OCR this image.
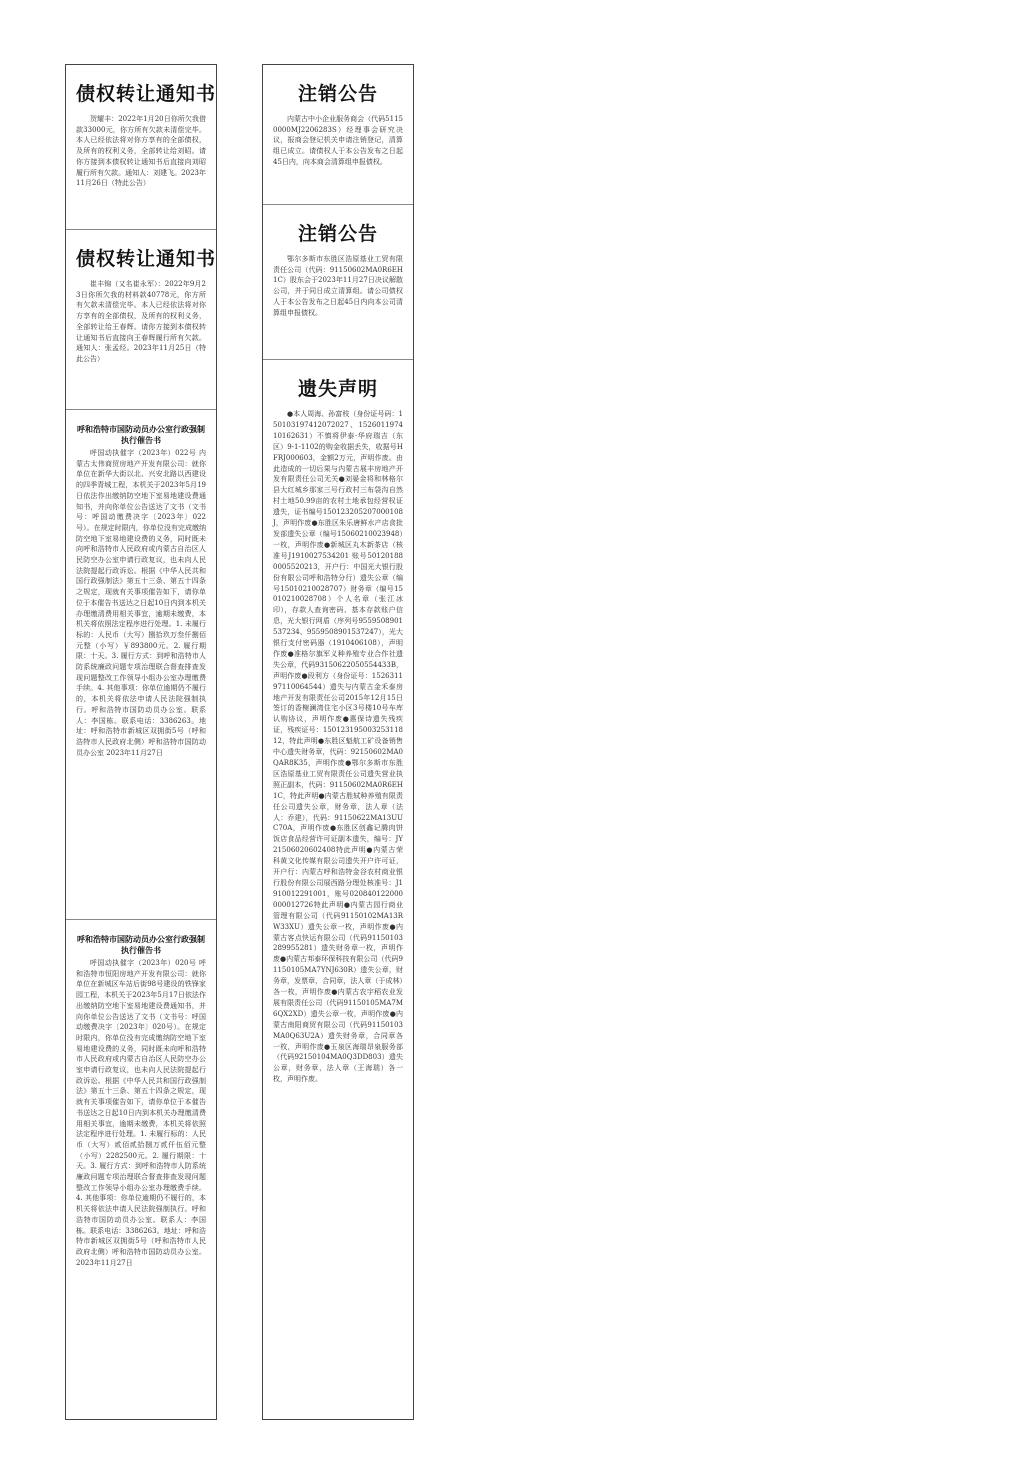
债权转让通知书
贺耀丰：2022年1月20日你所欠我借款33000元，你方所有欠款未清偿完毕。本人已经依法将对你方享有的全部债权，及所有的权利义务，全部转让给刘昭。请你方接到本债权转让通知书后直接向刘昭履行所有欠款。通知人：刘建飞。2023年11月26日（特此公告）
债权转让通知书
崔丰锦（又名崔永军）：2022年9月23日你所欠我的材料款40778元，你方所有欠款未清偿完毕。本人已经依法将对你方享有的全部债权，及所有的权利义务，全部转让给王春辉。请你方接到本债权转让通知书后直接向王春辉履行所有欠款。通知人：张孟经。2023年11月25日（特此公告）
呼和浩特市国防动员办公室行政强制执行催告书
呼国动执催字（2023年）022号 内蒙古太伟商贸房地产开发有限公司：就你单位在新华大街以北、兴安北路以西建设的四季青城工程，本机关于2023年5月19日依法作出缴纳防空地下室易地建设费通知书，并向你单位公告送达了文书（文书号：呼国动缴费决字〔2023年〕022号）。在规定时限内，你单位没有完成缴纳防空地下室易地建设费的义务，同时既未向呼和浩特市人民政府或内蒙古自治区人民防空办公室申请行政复议，也未向人民法院提起行政诉讼。根据《中华人民共和国行政强制法》第五十三条、第五十四条之规定，现就有关事项催告如下，请你单位于本催告书送达之日起10日内到本机关办理缴清费用相关事宜，逾期未缴费，本机关将依照法定程序进行处理。1. 未履行标的：人民币（大写）捌拾玖万叁仟捌佰元整（小写）￥893800元。2. 履行期限：十天。3. 履行方式：到呼和浩特市人防系统廉政问题专项治理联合督查排查发现问题整改工作领导小组办公室办理缴费手续。4. 其他事项：你单位逾期仍不履行的，本机关将依法申请人民法院强制执行。呼和浩特市国防动员办公室。联系人：李国栋。联系电话：3386263。地址：呼和浩特市新城区双拥街5号（呼和浩特市人民政府北侧）呼和浩特市国防动员办公室 2023年11月27日
呼和浩特市国防动员办公室行政强制执行催告书
呼国动执催字（2023年）020号 呼和浩特市恒阳房地产开发有限公司：就你单位在新城区车站后街98号建设的铁锋家园工程，本机关于2023年5月17日依法作出缴纳防空地下室易地建设费通知书，并向你单位公告送达了文书（文书号：呼国动缴费决字〔2023年〕020号）。在规定时限内，你单位没有完成缴纳防空地下室易地建设费的义务，同时既未向呼和浩特市人民政府或内蒙古自治区人民防空办公室申请行政复议，也未向人民法院提起行政诉讼。根据《中华人民共和国行政强制法》第五十三条、第五十四条之规定，现就有关事项催告如下，请你单位于本催告书送达之日起10日内到本机关办理缴清费用相关事宜，逾期未缴费，本机关将依照法定程序进行处理。1. 未履行标的：人民币（大写）贰佰贰拾捌万贰仟伍佰元整（小写）2282500元。2. 履行期限：十天。3. 履行方式：到呼和浩特市人防系统廉政问题专项治理联合督查排查发现问题整改工作领导小组办公室办理缴费手续。4. 其他事项：你单位逾期仍不履行的，本机关将依法申请人民法院强制执行。呼和浩特市国防动员办公室。联系人：李国栋。联系电话：3386263。地址：呼和浩特市新城区双拥街5号（呼和浩特市人民政府北侧）呼和浩特市国防动员办公室。2023年11月27日
注销公告
内蒙古中小企业服务商会（代码51150000MJ2206283S）经理事会研究决议，报商会登记机关申请注销登记，清算组已成立。请债权人于本公告发布之日起45日内，向本商会清算组申报债权。
注销公告
鄂尔多斯市东胜区浩原基业工贸有限责任公司（代码：91150602MA0R6EH1C）股东会于2023年11月27日决议解散公司，并于同日成立清算组。请公司债权人于本公告发布之日起45日内向本公司清算组申报债权。
遗失声明
●本人周海、孙富枝（身份证号码：150103197412072027、152601197410162631）不慎将伊泰·华府瑞吉（东区）9-1-1102的购金收据丢失，收据号HFRJ000603，金额2万元，声明作废。由此造成的一切后果与内蒙古展丰房地产开发有限责任公司无关●刘晏金将和林格尔县大红城乡那家三号行政村三布袋沟自然村土地50.99亩的农村土地承包经营权证遗失，证书编号150123205207000108J，声明作废●东胜区朱乐唐鲜水产店食批发部遗失公章（编号15060210023948）一枚，声明作废●新城区丸木新茶店（核准号J1910027534201 账号501201880005520213，开户行：中国光大银行股份有限公司呼和浩特分行）遗失公章（编号15010210028707）财务章（编号15010210028708）个人名章（张江冰印），存款人查询密码、基本存款账户信息，光大银行网盾（序列号9559508901537234、9559508901537247），光大银行支付密码器（1910406108），声明作废●准格尔旗军义种养殖专业合作社遗失公章，代码93150622050554433B，声明作废●段利方（身份证号：152631197110064544）遗失与内蒙古金禾泰房地产开发有限责任公司2015年12月15日签订的香榭澜湾住宅小区3号楼10号车库认购协议，声明作废●惠保诗遗失残疾证，残疾证号：15012319500325311812，特此声明●东胜区魁航工矿设备销售中心遗失财务章，代码：92150602MA0QAR8K35，声明作废●鄂尔多斯市东胜区浩原基业工贸有限责任公司遗失营业执照正副本，代码：91150602MA0R6EH1C，特此声明●内蒙古胜轼种养殖有限责任公司遗失公章，财务章，法人章（法人：乔建），代码：91150622MA13UUC70A，声明作废●东胜区创鑫记腾肉饼饭店食品经营许可证副本遗失，编号：JY21506020602408特此声明●内蒙古荣科黄文化传媒有限公司遗失开户许可证，开户行：内蒙古呼和浩特金谷农村商业银行股份有限公司展西路分理处核准号：J1910012291001，账号020840122000000012726特此声明●内蒙古园行商业管理有限公司（代码91150102MA13RW33XU）遗失公章一枚，声明作废●内蒙古客点快运有限公司（代码91150103289955281）遗失财务章一枚，声明作废●内蒙古邦泰环保科技有限公司（代码91150105MA7YNJ630R）遗失公章，财务章，发票章，合同章，法人章（于成林）各一枚，声明作废●内蒙古农宇稻农业发展有限责任公司（代码91150105MA7M6QX2XD）遗失公章一枚，声明作废●内蒙古南阳商贸有限公司（代码91150103MA0Q63U2A）遗失财务章，合同章各一枚，声明作废●玉泉区海瑞昂泉服务部（代码92150104MA0Q3DD803）遗失公章，财务章，法人章（王海瑞）各一枚，声明作废。
